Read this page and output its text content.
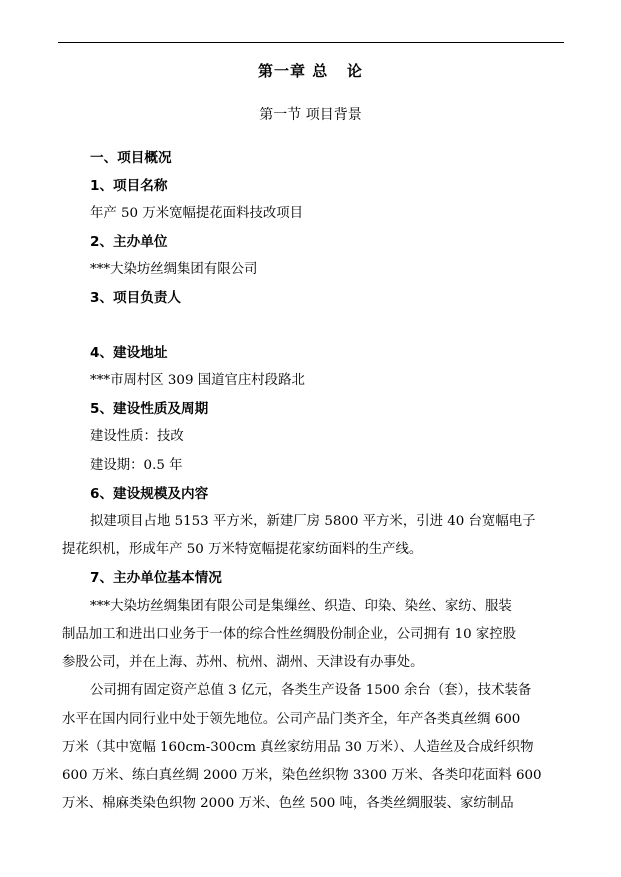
第一章 总   论
第一节 项目背景
一、项目概况
1、项目名称
年产 50 万米宽幅提花面料技改项目
2、主办单位
***大染坊丝绸集团有限公司
3、项目负责人
4、建设地址
***市周村区 309 国道官庄村段路北
5、建设性质及周期
建设性质：技改
建设期：0.5 年
6、建设规模及内容
拟建项目占地 5153 平方米，新建厂房 5800 平方米，引进 40 台宽幅电子
提花织机，形成年产 50 万米特宽幅提花家纺面料的生产线。
7、主办单位基本情况
***大染坊丝绸集团有限公司是集缫丝、织造、印染、染丝、家纺、服装
制品加工和进出口业务于一体的综合性丝绸股份制企业，公司拥有 10 家控股
参股公司，并在上海、苏州、杭州、湖州、天津设有办事处。
公司拥有固定资产总值 3 亿元，各类生产设备 1500 余台（套），技术装备
水平在国内同行业中处于领先地位。公司产品门类齐全，年产各类真丝绸 600
万米（其中宽幅 160cm-300cm 真丝家纺用品 30 万米）、人造丝及合成纤织物
600 万米、练白真丝绸 2000 万米，染色丝织物 3300 万米、各类印花面料 600
万米、棉麻类染色织物 2000 万米、色丝 500 吨，各类丝绸服装、家纺制品
